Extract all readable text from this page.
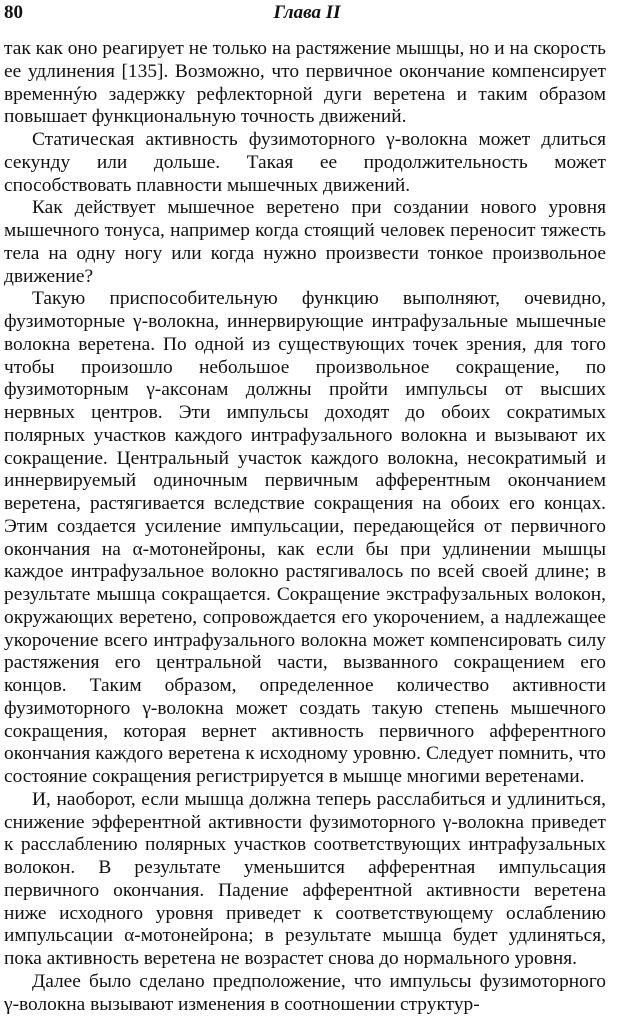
80	Глава II

так как оно реагирует не только на растяжение мышцы, но и на скорость ее удлинения [135]. Возможно, что первичное окончание компенсирует временнýю задержку рефлекторной дуги веретена и таким образом повышает функциональную точность движений.

Статическая активность фузимоторного γ-волокна может длиться секунду или дольше. Такая ее продолжительность может способствовать плавности мышечных движений.

Как действует мышечное веретено при создании нового уровня мышечного тонуса, например когда стоящий человек переносит тяжесть тела на одну ногу или когда нужно произвести тонкое произвольное движение?

Такую приспособительную функцию выполняют, очевидно, фузимоторные γ-волокна, иннервирующие интрафузальные мышечные волокна веретена. По одной из существующих точек зрения, для того чтобы произошло небольшое произвольное сокращение, по фузимоторным γ-аксонам должны пройти импульсы от высших нервных центров. Эти импульсы доходят до обоих сократимых полярных участков каждого интрафузального волокна и вызывают их сокращение. Центральный участок каждого волокна, несократимый и иннервируемый одиночным первичным афферентным окончанием веретена, растягивается вследствие сокращения на обоих его концах. Этим создается усиление импульсации, передающейся от первичного окончания на α-мотонейроны, как если бы при удлинении мышцы каждое интрафузальное волокно растягивалось по всей своей длине; в результате мышца сокращается. Сокращение экстрафузальных волокон, окружающих веретено, сопровождается его укорочением, а надлежащее укорочение всего интрафузального волокна может компенсировать силу растяжения его центральной части, вызванного сокращением его концов. Таким образом, определенное количество активности фузимоторного γ-волокна может создать такую степень мышечного сокращения, которая вернет активность первичного афферентного окончания каждого веретена к исходному уровню. Следует помнить, что состояние сокращения регистрируется в мышце многими веретенами.

И, наоборот, если мышца должна теперь расслабиться и удлиниться, снижение эфферентной активности фузимоторного γ-волокна приведет к расслаблению полярных участков соответствующих интрафузальных волокон. В результате уменьшится афферентная импульсация первичного окончания. Падение афферентной активности веретена ниже исходного уровня приведет к соответствующему ослаблению импульсации α-мотонейрона; в результате мышца будет удлиняться, пока активность веретена не возрастет снова до нормального уровня.

Далее было сделано предположение, что импульсы фузимоторного γ-волокна вызывают изменения в соотношении структур-
